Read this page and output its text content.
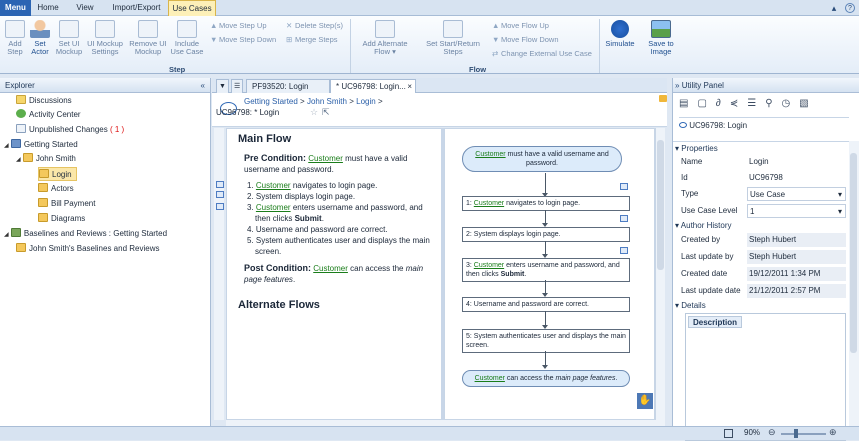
Menu	Home	View	Import/Export	Use Cases	▴	?
Add Step
Set Actor
Set UI Mockup
UI Mockup Settings
Remove UI Mockup
Include Use Case
▲ Move Step Up
▼ Move Step Down
✕ Delete Step(s)
⊞ Merge Steps
Step
Add Alternate Flow ▾
Set Start/Return Steps
▲ Move Flow Up
▼ Move Flow Down
⇄ Change External Use Case
Flow
Simulate	Save to Image
Explorer	«
Discussions
Activity Center
Unpublished Changes ( 1 )
◢ Getting Started
◢ John Smith
Login
Actors
Bill Payment
Diagrams
◢ Baselines and Reviews : Getting Started
John Smith's Baselines and Reviews
▼	☰	PF93520: Login	* UC96798: Login... ×
Getting Started > John Smith > Login >
UC96798: * Login	☆ ⇱
Main Flow
Pre Condition: Customer must have a valid username and password.
1. Customer navigates to login page.
2. System displays login page.
3. Customer enters username and password, and then clicks Submit.
4. Username and password are correct.
5. System authenticates user and displays the main screen.
Post Condition: Customer can access the main page features.
Alternate Flows
Customer must have a valid username and password.
1: Customer navigates to login page.
2: System displays login page.
3: Customer enters username and password, and then clicks Submit.
4: Username and password are correct.
5: System authenticates user and displays the main screen.
Customer can access the main page features.
✋
» Utility Panel
▤▢∂⋞☰⚲◷▧
UC96798: Login
▾ Properties
Name	Login
Id	UC96798
Type	Use Case	▾
Use Case Level	1	▾
▾ Author History
Created by	Steph Hubert
Last update by Steph Hubert
Created date	19/12/2011 1:34 PM
Last update date 21/12/2011 2:57 PM
▾ Details
Description
90% ⊖	⊕
